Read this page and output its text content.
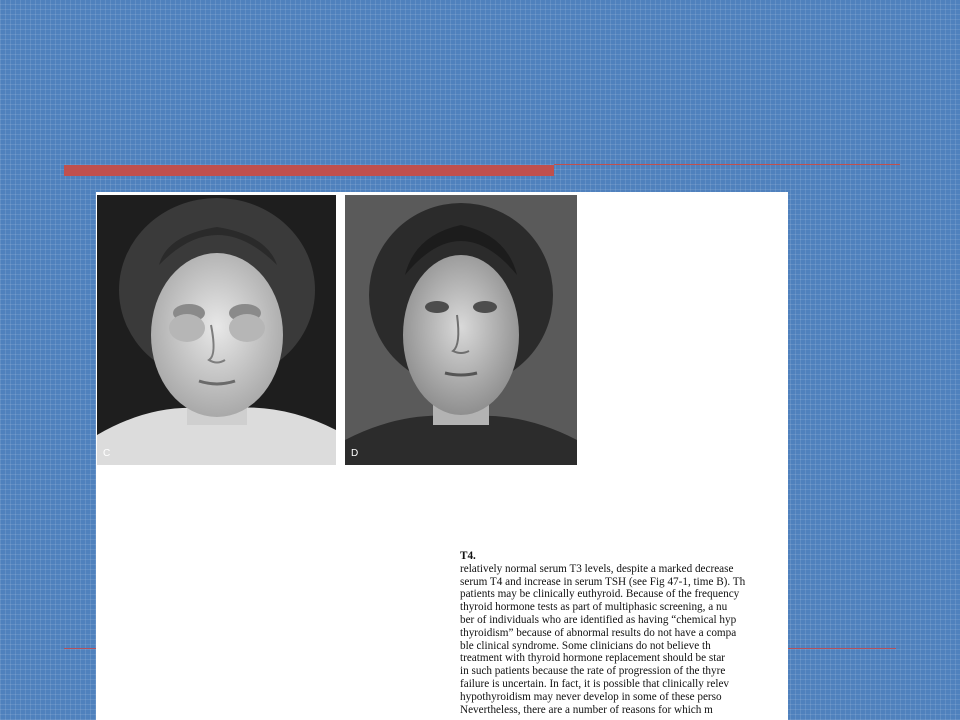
C	D
T4.
relatively normal serum T3 levels, despite a marked decrease
serum T4 and increase in serum TSH (see Fig 47-1, time B). Th
patients may be clinically euthyroid. Because of the frequency
thyroid hormone tests as part of multiphasic screening, a nu
ber of individuals who are identified as having “chemical hyp
thyroidism” because of abnormal results do not have a compa
ble clinical syndrome. Some clinicians do not believe th
treatment with thyroid hormone replacement should be star
in such patients because the rate of progression of the thyre
failure is uncertain. In fact, it is possible that clinically relev
hypothyroidism may never develop in some of these perso
Nevertheless, there are a number of reasons for which m
